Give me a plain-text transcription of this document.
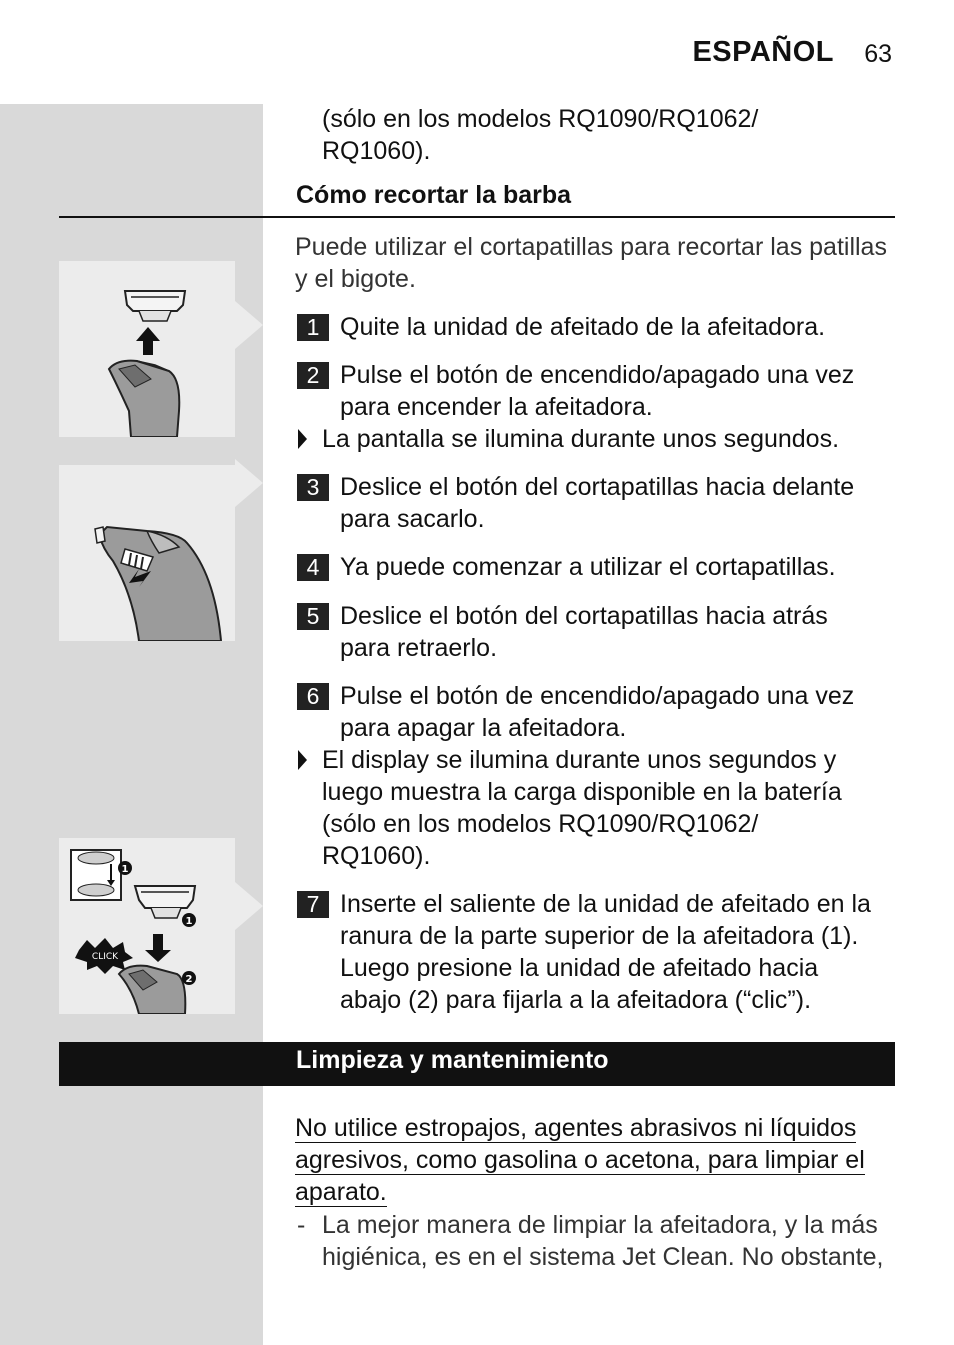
ESPAÑOL 63
(sólo en los modelos RQ1090/RQ1062/
RQ1060).
Cómo recortar la barba
Puede utilizar el cortapatillas para recortar las patillas
y el bigote.
1 Quite la unidad de afeitado de la afeitadora.
2 Pulse el botón de encendido/apagado una vez
para encender la afeitadora.
La pantalla se ilumina durante unos segundos.
3 Deslice el botón del cortapatillas hacia delante
para sacarlo.
4 Ya puede comenzar a utilizar el cortapatillas.
5 Deslice el botón del cortapatillas hacia atrás
para retraerlo.
6 Pulse el botón de encendido/apagado una vez
para apagar la afeitadora.
El display se ilumina durante unos segundos y
luego muestra la carga disponible en la batería
(sólo en los modelos RQ1090/RQ1062/
RQ1060).
7 Inserte el saliente de la unidad de afeitado en la
ranura de la parte superior de la afeitadora (1).
Luego presione la unidad de afeitado hacia
abajo (2) para fijarla a la afeitadora (“clic”).
1
1
CLICK
2
Limpieza y mantenimiento
No utilice estropajos, agentes abrasivos ni líquidos
agresivos, como gasolina o acetona, para limpiar el
aparato.
- La mejor manera de limpiar la afeitadora, y la más
higiénica, es en el sistema Jet Clean. No obstante,
